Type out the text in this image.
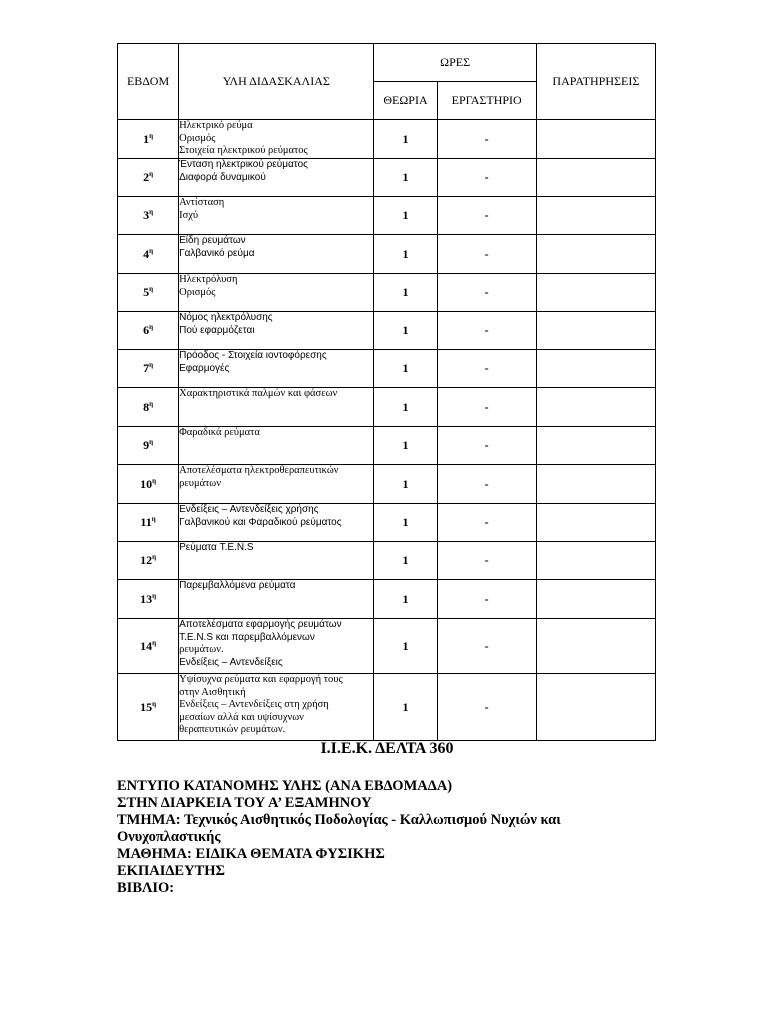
ΕΒΔΟΜ	ΥΛΗ ΔΙΔΑΣΚΑΛΙΑΣ	ΩΡΕΣ		ΠΑΡΑΤΗΡΗΣΕΙΣ
		ΘΕΩΡΙΑ	ΕΡΓΑΣΤΗΡΙΟ	
$1^\eta$	Ηλεκτρικό ρεύμα
Ορισμός
Στοιχεία ηλεκτρικού ρεύματος	1	-	
$2^\eta$	Ένταση ηλεκτρικού ρεύματος
Διαφορά δυναμικού	1	-	
$3^\eta$	Αντίσταση
Ισχύ	1	-	
$4^\eta$	Είδη ρευμάτων
Γαλβανικό ρεύμα	1	-	
$5^\eta$	Ηλεκτρόλυση
Ορισμός	1	-	
$6^\eta$	Νόμος ηλεκτρόλυσης
Πού εφαρμόζεται	1	-	
$7^\eta$	Πρόοδος - Στοιχεία ιοντοφόρεσης
Εφαρμογές	1	-	
$8^\eta$	Χαρακτηριστικά παλμών και φάσεων	1	-	
$9^\eta$	Φαραδικά ρεύματα	1	-	
$10^\eta$	Αποτελέσματα ηλεκτροθεραπευτικών
ρευμάτων	1	-	
$11^\eta$	Ενδείξεις – Αντενδείξεις χρήσης
Γαλβανικού και Φαραδικού ρεύματος	1	-	
$12^\eta$	Ρεύματα T.E.N.S	1	-	
$13^\eta$	Παρεμβαλλόμενα ρεύματα	1	-	
$14^\eta$	Αποτελέσματα εφαρμογής ρευμάτων
T.E.N.S και παρεμβαλλόμενων
ρευμάτων.
Ενδείξεις – Αντενδείξεις	1	-	
$15^\eta$	Υψίσυχνα ρεύματα και εφαρμογή τους
στην Αισθητική
Ενδείξεις – Αντενδείξεις στη χρήση
μεσαίων αλλά και υψίσυχνων
θεραπευτικών ρευμάτων.	1	-	
Ι.Ι.Ε.Κ. ΔΕΛΤΑ 360
ΕΝΤΥΠΟ ΚΑΤΑΝΟΜΗΣ ΥΛΗΣ (ΑΝΑ ΕΒΔΟΜΑΔΑ)
ΣΤΗΝ ΔΙΑΡΚΕΙΑ ΤΟΥ Α’ ΕΞΑΜΗΝΟΥ
ΤΜΗΜΑ: Τεχνικός Αισθητικός Ποδολογίας - Καλλωπισμού Νυχιών και
Ονυχοπλαστικής
ΜΑΘΗΜΑ: ΕΙΔΙΚΑ ΘΕΜΑΤΑ ΦΥΣΙΚΗΣ
ΕΚΠΑΙΔΕΥΤΗΣ
ΒΙΒΛΙΟ:
